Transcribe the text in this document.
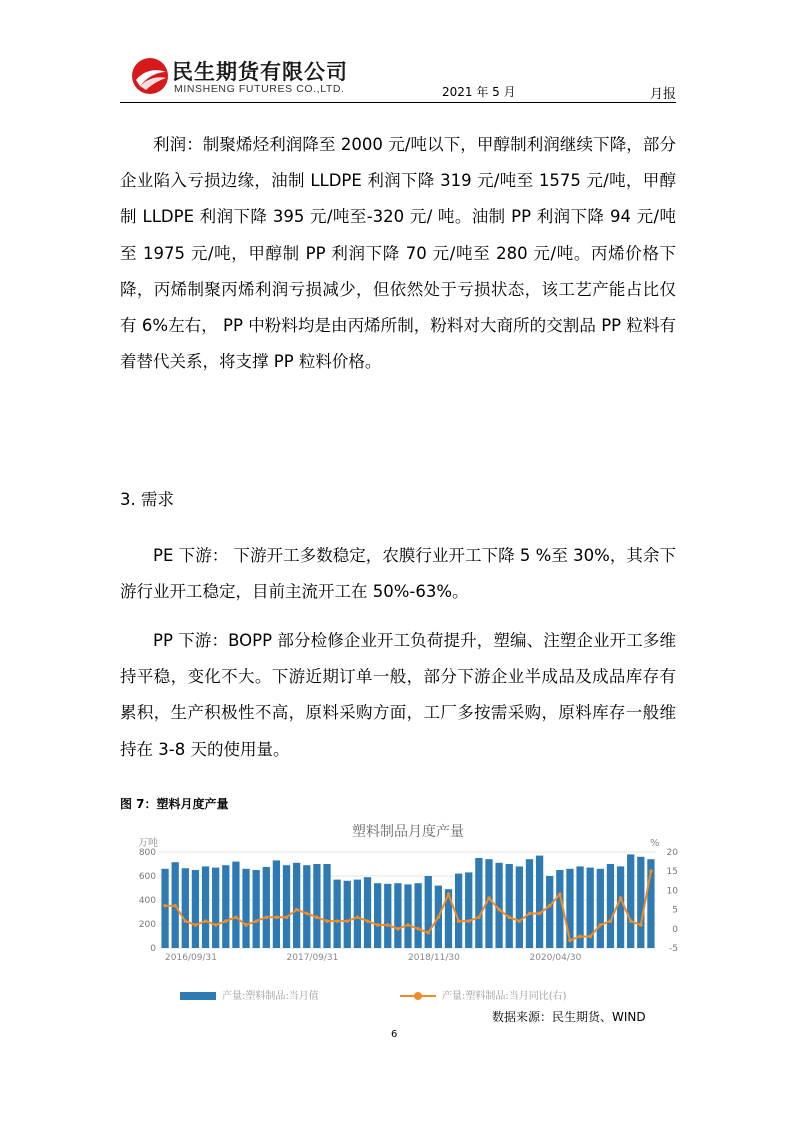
民生期货有限公司
MINSHENG FUTURES CO.,LTD.	2021 年 5 月	月报

利润：制聚烯烃利润降至 2000 元/吨以下，甲醇制利润继续下降，部分企业陷入亏损边缘，油制 LLDPE 利润下降 319 元/吨至 1575 元/吨，甲醇制 LLDPE 利润下降 395 元/吨至-320 元/ 吨。油制 PP 利润下降 94 元/吨至 1975 元/吨，甲醇制 PP 利润下降 70 元/吨至 280 元/吨。丙烯价格下降，丙烯制聚丙烯利润亏损减少，但依然处于亏损状态，该工艺产能占比仅有 6%左右， PP 中粉料均是由丙烯所制，粉料对大商所的交割品 PP 粒料有着替代关系，将支撑 PP 粒料价格。

3. 需求

PE 下游： 下游开工多数稳定，农膜行业开工下降 5 %至 30%，其余下游行业开工稳定，目前主流开工在 50%-63%。

PP 下游：BOPP 部分检修企业开工负荷提升，塑编、注塑企业开工多维持平稳，变化不大。下游近期订单一般，部分下游企业半成品及成品库存有累积，生产积极性不高，原料采购方面，工厂多按需采购，原料库存一般维持在 3-8 天的使用量。

图 7：塑料月度产量
塑料制品月度产量
万吨	%
0
200
400
600
800
-5
0
5
10
15
20
2016/09/31	2017/09/31	2018/11/30	2020/04/30
产量:塑料制品:当月值	产量:塑料制品:当月同比(右)
数据来源：民生期货、WIND
6
